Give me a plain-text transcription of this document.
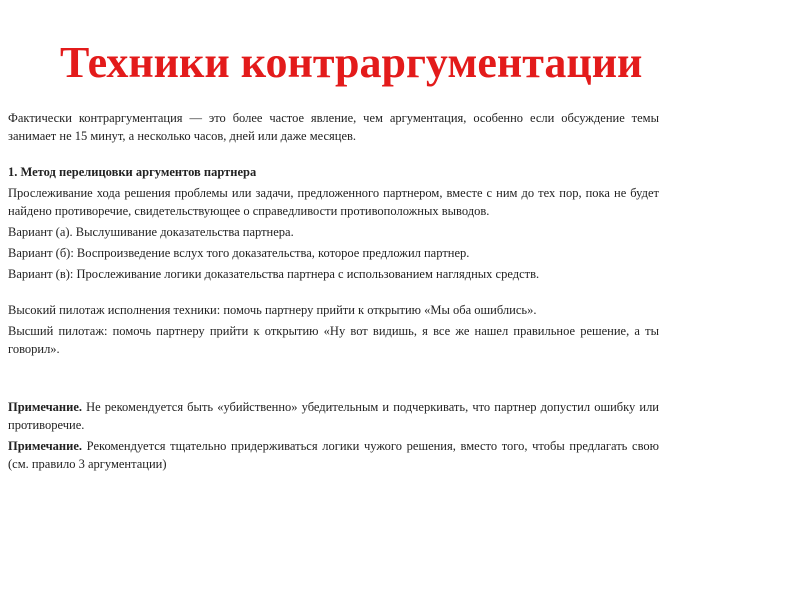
Техники контраргументации

Фактически контраргументация — это более частое явление, чем аргументация, особенно если обсуждение темы занимает не 15 минут, а несколько часов, дней или даже месяцев.

1. Метод перелицовки аргументов партнера

Прослеживание хода решения проблемы или задачи, предложенного партнером, вместе с ним до тех пор, пока не будет найдено противоречие, свидетельствующее о справедливости противоположных выводов.

Вариант (а). Выслушивание доказательства партнера.

Вариант (б): Воспроизведение вслух того доказательства, которое предложил партнер.

Вариант (в): Прослеживание логики доказательства партнера с использованием наглядных средств.

Высокий пилотаж исполнения техники: помочь партнеру прийти к открытию «Мы оба ошиблись».

Высший пилотаж: помочь партнеру прийти к открытию «Ну вот видишь, я все же нашел правильное решение, а ты говорил».

Примечание. Не рекомендуется быть «убийственно» убедительным и подчеркивать, что партнер допустил ошибку или противоречие.

Примечание. Рекомендуется тщательно придерживаться логики чужого решения, вместо того, чтобы предлагать свою (см. правило 3 аргументации)
